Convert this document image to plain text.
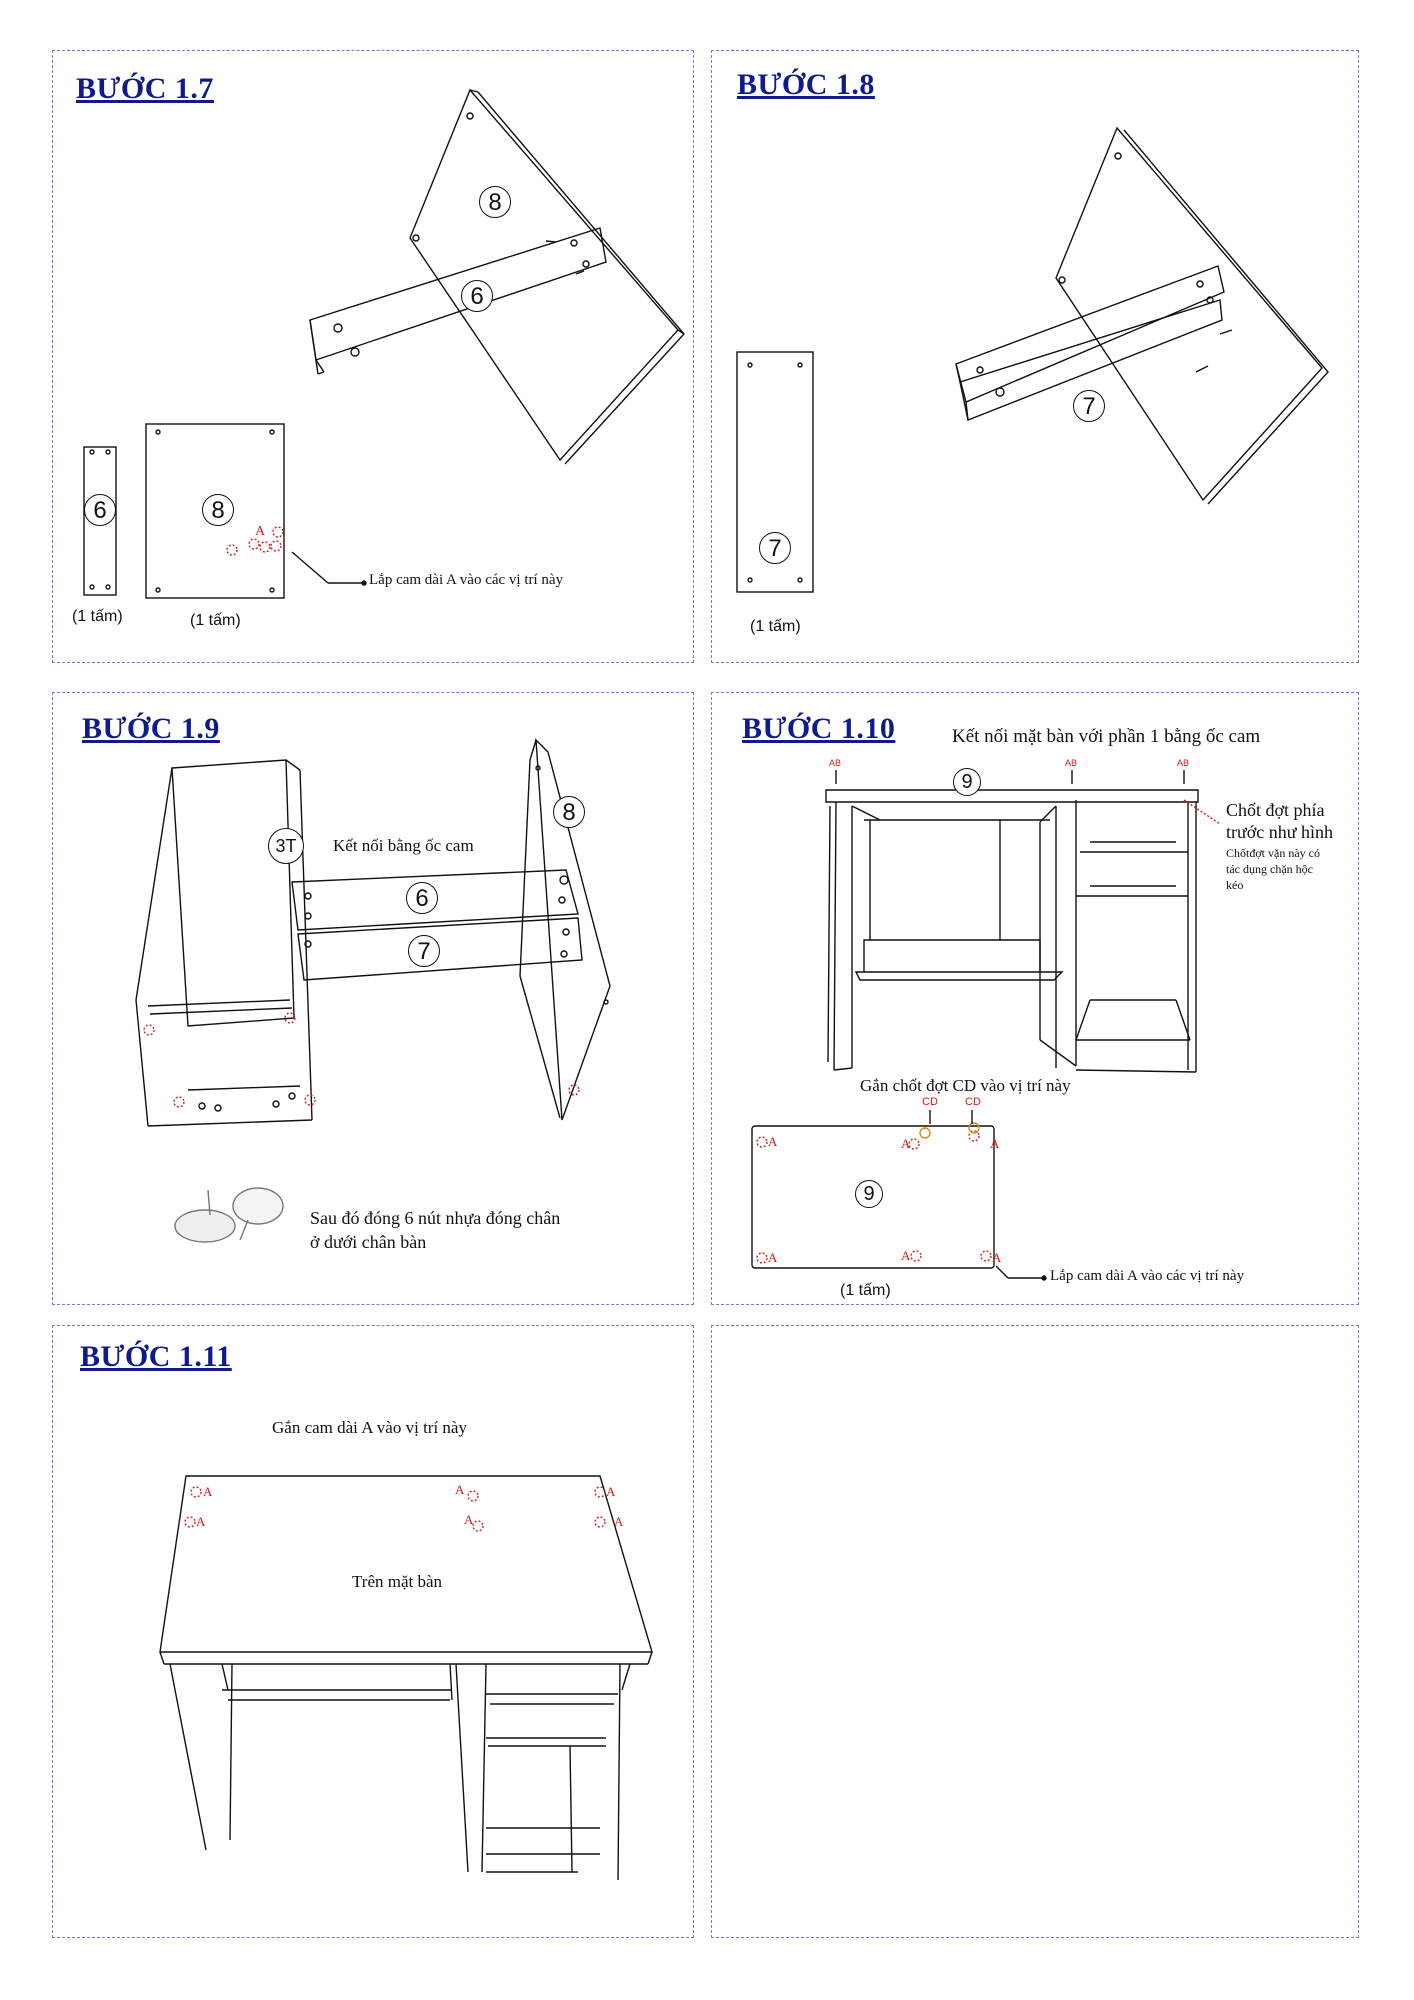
BƯỚC 1.7
8
6
6	8
A
Lắp cam dài A vào các vị trí này
(1 tấm)	(1 tấm)
BƯỚC 1.8
7
7
(1 tấm)
BƯỚC 1.9
3T
8
Kết nối bằng ốc cam
6
7
Sau đó đóng 6 nút nhựa đóng chân
ở dưới chân bàn
BƯỚC 1.10	Kết nối mặt bàn với phần 1 bằng ốc cam
AB	AB	AB
9
Chốt đợt phía
trước như hình
Chốtđợt vặn này có
tác dụng chặn hộc
kéo
Gắn chốt đợt CD vào vị trí này
CD CD
A	A	A
A	A	A
9
Lắp cam dài A vào các vị trí này
(1 tấm)
BƯỚC 1.11
Gắn cam dài A vào vị trí này
A
A
A
A
A
A
Trên mặt bàn
